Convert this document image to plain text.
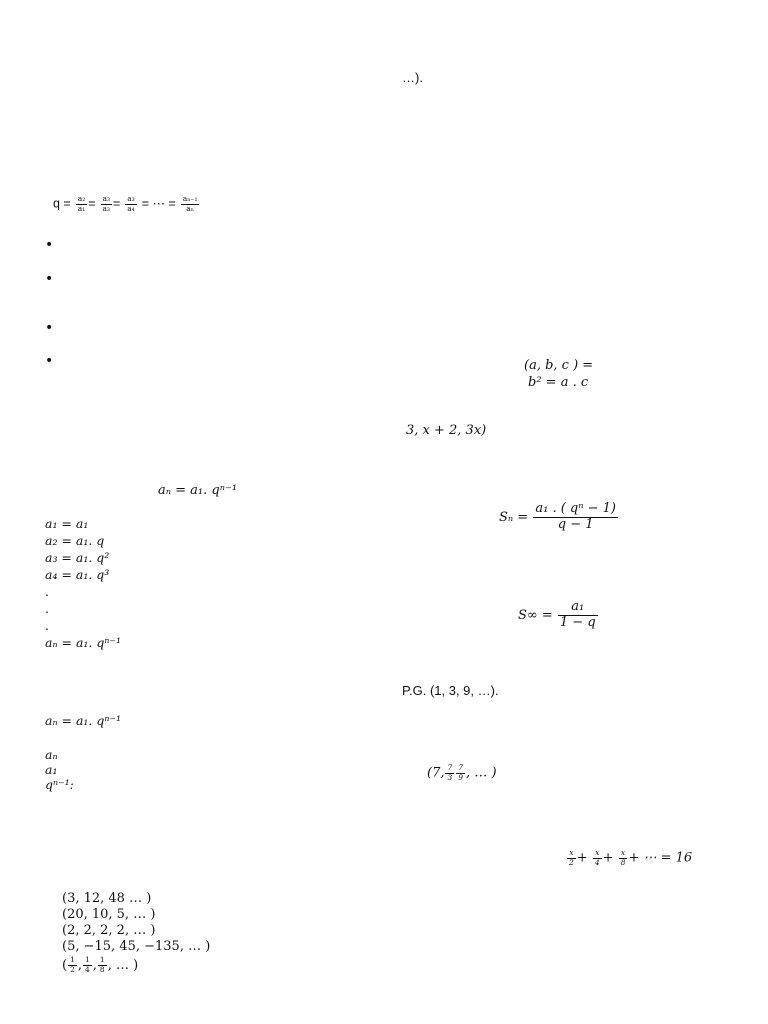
…).
$q = \frac{\text{a₂}}{\text{a₁}} = \frac{\text{a₃}}{\text{a₃}} = \frac{\text{a₃}}{\text{a₄}}$ = ⋯ = $\frac{\text{aₙ₋₁}}{\text{aₙ}}$
•
•
•
•	(a, b, c ) =
b² = a . c
3, x + 2, 3x)
aₙ = a₁. qⁿ⁻¹
a₁ = a₁
a₂ = a₁. q
a₃ = a₁. q²
a₄ = a₁. q³
.
.
.
aₙ = a₁. qⁿ⁻¹
$S_n = \frac{\text{a₁ . ( qⁿ − 1)}}{q - 1}$
$S\infty = \frac{\text{a₁}}{1 - q}$
P.G. (1, 3, 9, …).
aₙ = a₁. qⁿ⁻¹
aₙ
a₁
qⁿ⁻¹:
(7, $\frac{7}{3} \frac{7}{9}$ , … )
$\frac{x}{2} + \frac{x}{4} + \frac{x}{8}$ + ⋯ = 16
(3, 12, 48 … )
(20, 10, 5, … )
(2, 2, 2, 2, … )
(5, −15, 45, −135, … )
( $\frac{1}{2}$ , $\frac{1}{4}$ , $\frac{1}{8}$ , … )
